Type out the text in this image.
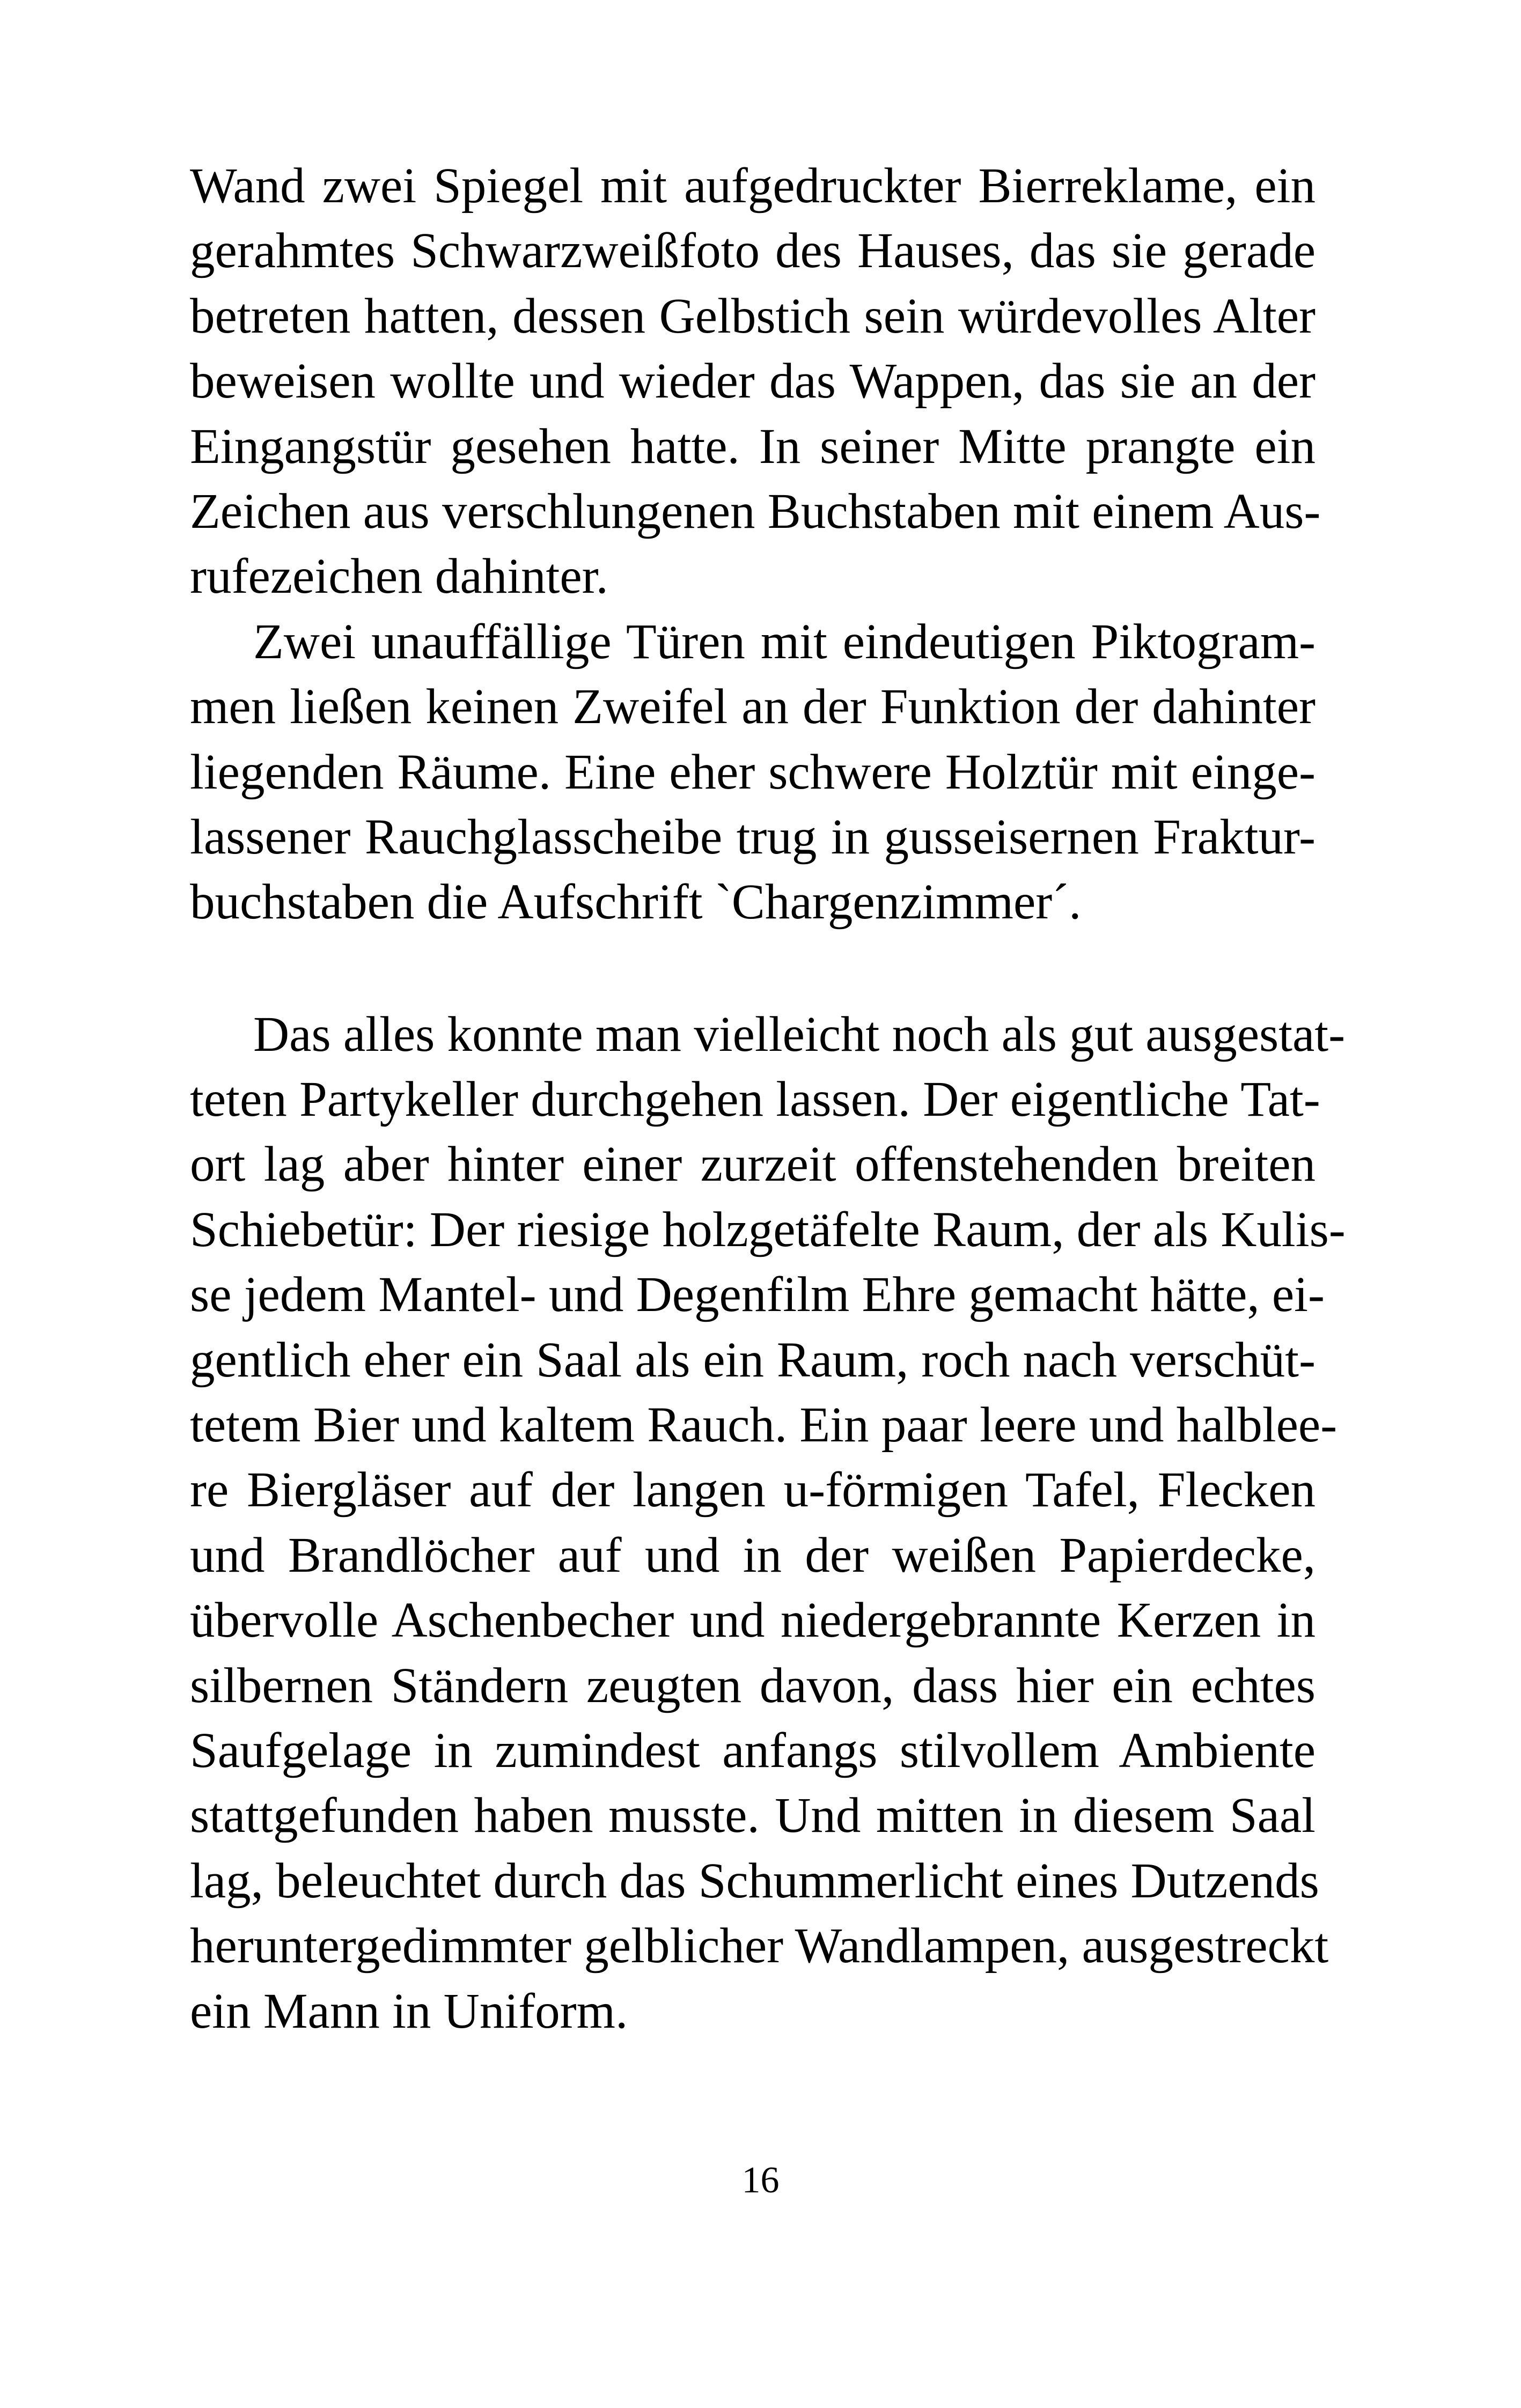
Wand zwei Spiegel mit aufgedruckter Bierreklame, ein
gerahmtes Schwarzweißfoto des Hauses, das sie gerade
betreten hatten, dessen Gelbstich sein würdevolles Alter
beweisen wollte und wieder das Wappen, das sie an der
Eingangstür gesehen hatte. In seiner Mitte prangte ein
Zeichen aus verschlungenen Buchstaben mit einem Aus-
rufezeichen dahinter.
Zwei unauffällige Türen mit eindeutigen Piktogram-
men ließen keinen Zweifel an der Funktion der dahinter
liegenden Räume. Eine eher schwere Holztür mit einge-
lassener Rauchglasscheibe trug in gusseisernen Fraktur-
buchstaben die Aufschrift `Chargenzimmer´.
Das alles konnte man vielleicht noch als gut ausgestat-
teten Partykeller durchgehen lassen. Der eigentliche Tat-
ort lag aber hinter einer zurzeit offenstehenden breiten
Schiebetür: Der riesige holzgetäfelte Raum, der als Kulis-
se jedem Mantel- und Degenfilm Ehre gemacht hätte, ei-
gentlich eher ein Saal als ein Raum, roch nach verschüt-
tetem Bier und kaltem Rauch. Ein paar leere und halblee-
re Biergläser auf der langen u-förmigen Tafel, Flecken
und Brandlöcher auf und in der weißen Papierdecke,
übervolle Aschenbecher und niedergebrannte Kerzen in
silbernen Ständern zeugten davon, dass hier ein echtes
Saufgelage in zumindest anfangs stilvollem Ambiente
stattgefunden haben musste. Und mitten in diesem Saal
lag, beleuchtet durch das Schummerlicht eines Dutzends
heruntergedimmter gelblicher Wandlampen, ausgestreckt
ein Mann in Uniform.
16
